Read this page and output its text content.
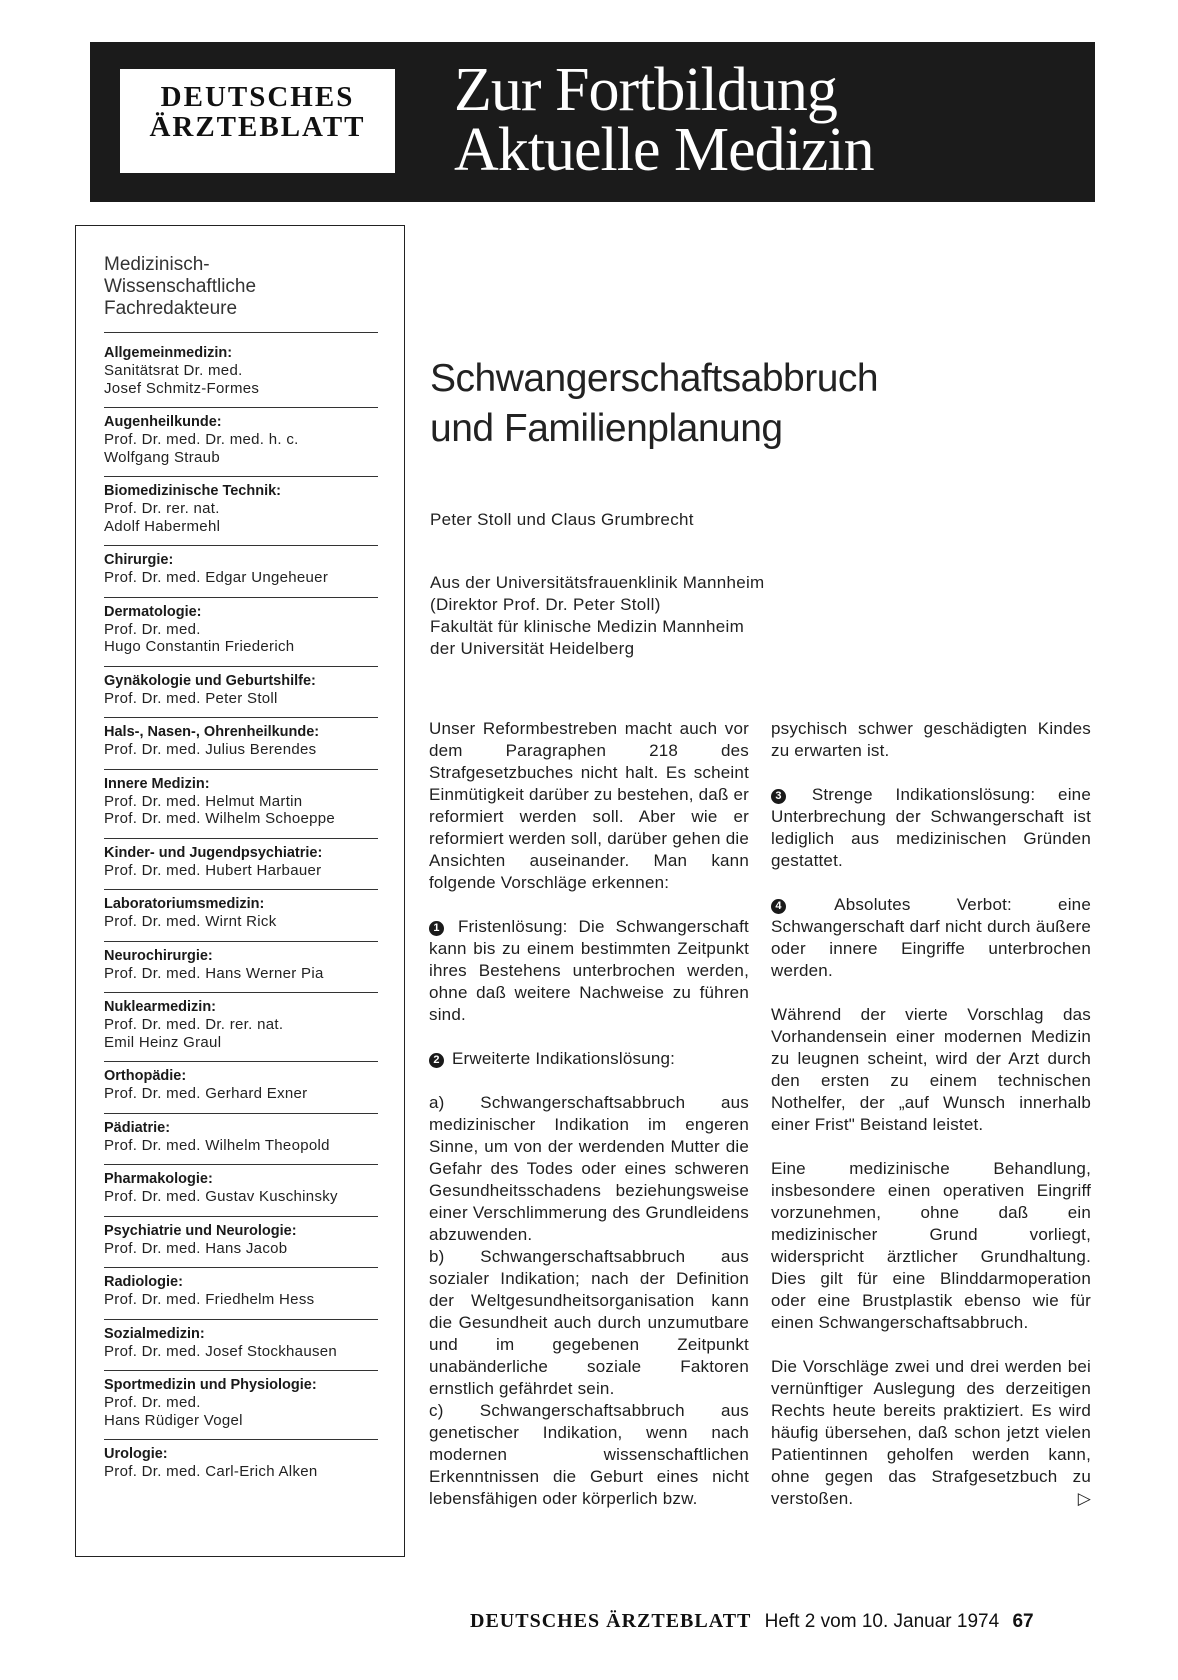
DEUTSCHES
ÄRZTEBLATT
Zur Fortbildung
Aktuelle Medizin
Medizinisch-
Wissenschaftliche
Fachredakteure
Allgemeinmedizin:
Sanitätsrat Dr. med.
Josef Schmitz-Formes
Augenheilkunde:
Prof. Dr. med. Dr. med. h. c.
Wolfgang Straub
Biomedizinische Technik:
Prof. Dr. rer. nat.
Adolf Habermehl
Chirurgie:
Prof. Dr. med. Edgar Ungeheuer
Dermatologie:
Prof. Dr. med.
Hugo Constantin Friederich
Gynäkologie und Geburtshilfe:
Prof. Dr. med. Peter Stoll
Hals-, Nasen-, Ohrenheilkunde:
Prof. Dr. med. Julius Berendes
Innere Medizin:
Prof. Dr. med. Helmut Martin
Prof. Dr. med. Wilhelm Schoeppe
Kinder- und Jugendpsychiatrie:
Prof. Dr. med. Hubert Harbauer
Laboratoriumsmedizin:
Prof. Dr. med. Wirnt Rick
Neurochirurgie:
Prof. Dr. med. Hans Werner Pia
Nuklearmedizin:
Prof. Dr. med. Dr. rer. nat.
Emil Heinz Graul
Orthopädie:
Prof. Dr. med. Gerhard Exner
Pädiatrie:
Prof. Dr. med. Wilhelm Theopold
Pharmakologie:
Prof. Dr. med. Gustav Kuschinsky
Psychiatrie und Neurologie:
Prof. Dr. med. Hans Jacob
Radiologie:
Prof. Dr. med. Friedhelm Hess
Sozialmedizin:
Prof. Dr. med. Josef Stockhausen
Sportmedizin und Physiologie:
Prof. Dr. med.
Hans Rüdiger Vogel
Urologie:
Prof. Dr. med. Carl-Erich Alken
Schwangerschaftsabbruch
und Familienplanung
Peter Stoll und Claus Grumbrecht
Aus der Universitätsfrauenklinik Mannheim
(Direktor Prof. Dr. Peter Stoll)
Fakultät für klinische Medizin Mannheim
der Universität Heidelberg

Unser Reformbestreben macht auch vor dem Paragraphen 218 des Strafgesetzbuches nicht halt. Es scheint Einmütigkeit darüber zu bestehen, daß er reformiert werden soll. Aber wie er reformiert werden soll, darüber gehen die Ansichten auseinander. Man kann folgende Vorschläge erkennen:

1 Fristenlösung: Die Schwangerschaft kann bis zu einem bestimmten Zeitpunkt ihres Bestehens unterbrochen werden, ohne daß weitere Nachweise zu führen sind.

2 Erweiterte Indikationslösung:

a) Schwangerschaftsabbruch aus medizinischer Indikation im engeren Sinne, um von der werdenden Mutter die Gefahr des Todes oder eines schweren Gesundheitsschadens beziehungsweise einer Verschlimmerung des Grundleidens abzuwenden.

b) Schwangerschaftsabbruch aus sozialer Indikation; nach der Definition der Weltgesundheitsorganisation kann die Gesundheit auch durch unzumutbare und im gegebenen Zeitpunkt unabänderliche soziale Faktoren ernstlich gefährdet sein.

c) Schwangerschaftsabbruch aus genetischer Indikation, wenn nach modernen wissenschaftlichen Erkenntnissen die Geburt eines nicht lebensfähigen oder körperlich bzw.

psychisch schwer geschädigten Kindes zu erwarten ist.

3 Strenge Indikationslösung: eine Unterbrechung der Schwangerschaft ist lediglich aus medizinischen Gründen gestattet.

4	Absolutes Verbot: eine Schwangerschaft darf nicht durch äußere oder innere Eingriffe unterbrochen werden.

Während der vierte Vorschlag das Vorhandensein einer modernen Medizin zu leugnen scheint, wird der Arzt durch den ersten zu einem technischen Nothelfer, der „auf Wunsch innerhalb einer Frist" Beistand leistet.

Eine medizinische Behandlung, insbesondere einen operativen Eingriff vorzunehmen, ohne daß ein medizinischer Grund vorliegt, widerspricht ärztlicher Grundhaltung. Dies gilt für eine Blinddarmoperation oder eine Brustplastik ebenso wie für einen Schwangerschaftsabbruch.

Die Vorschläge zwei und drei werden bei vernünftiger Auslegung des derzeitigen Rechts heute bereits praktiziert. Es wird häufig übersehen, daß schon jetzt vielen Patientinnen geholfen werden kann, ohne gegen das Strafgesetzbuch zu verstoßen.	▷

DEUTSCHES ÄRZTEBLATT Heft 2 vom 10. Januar 1974 67
